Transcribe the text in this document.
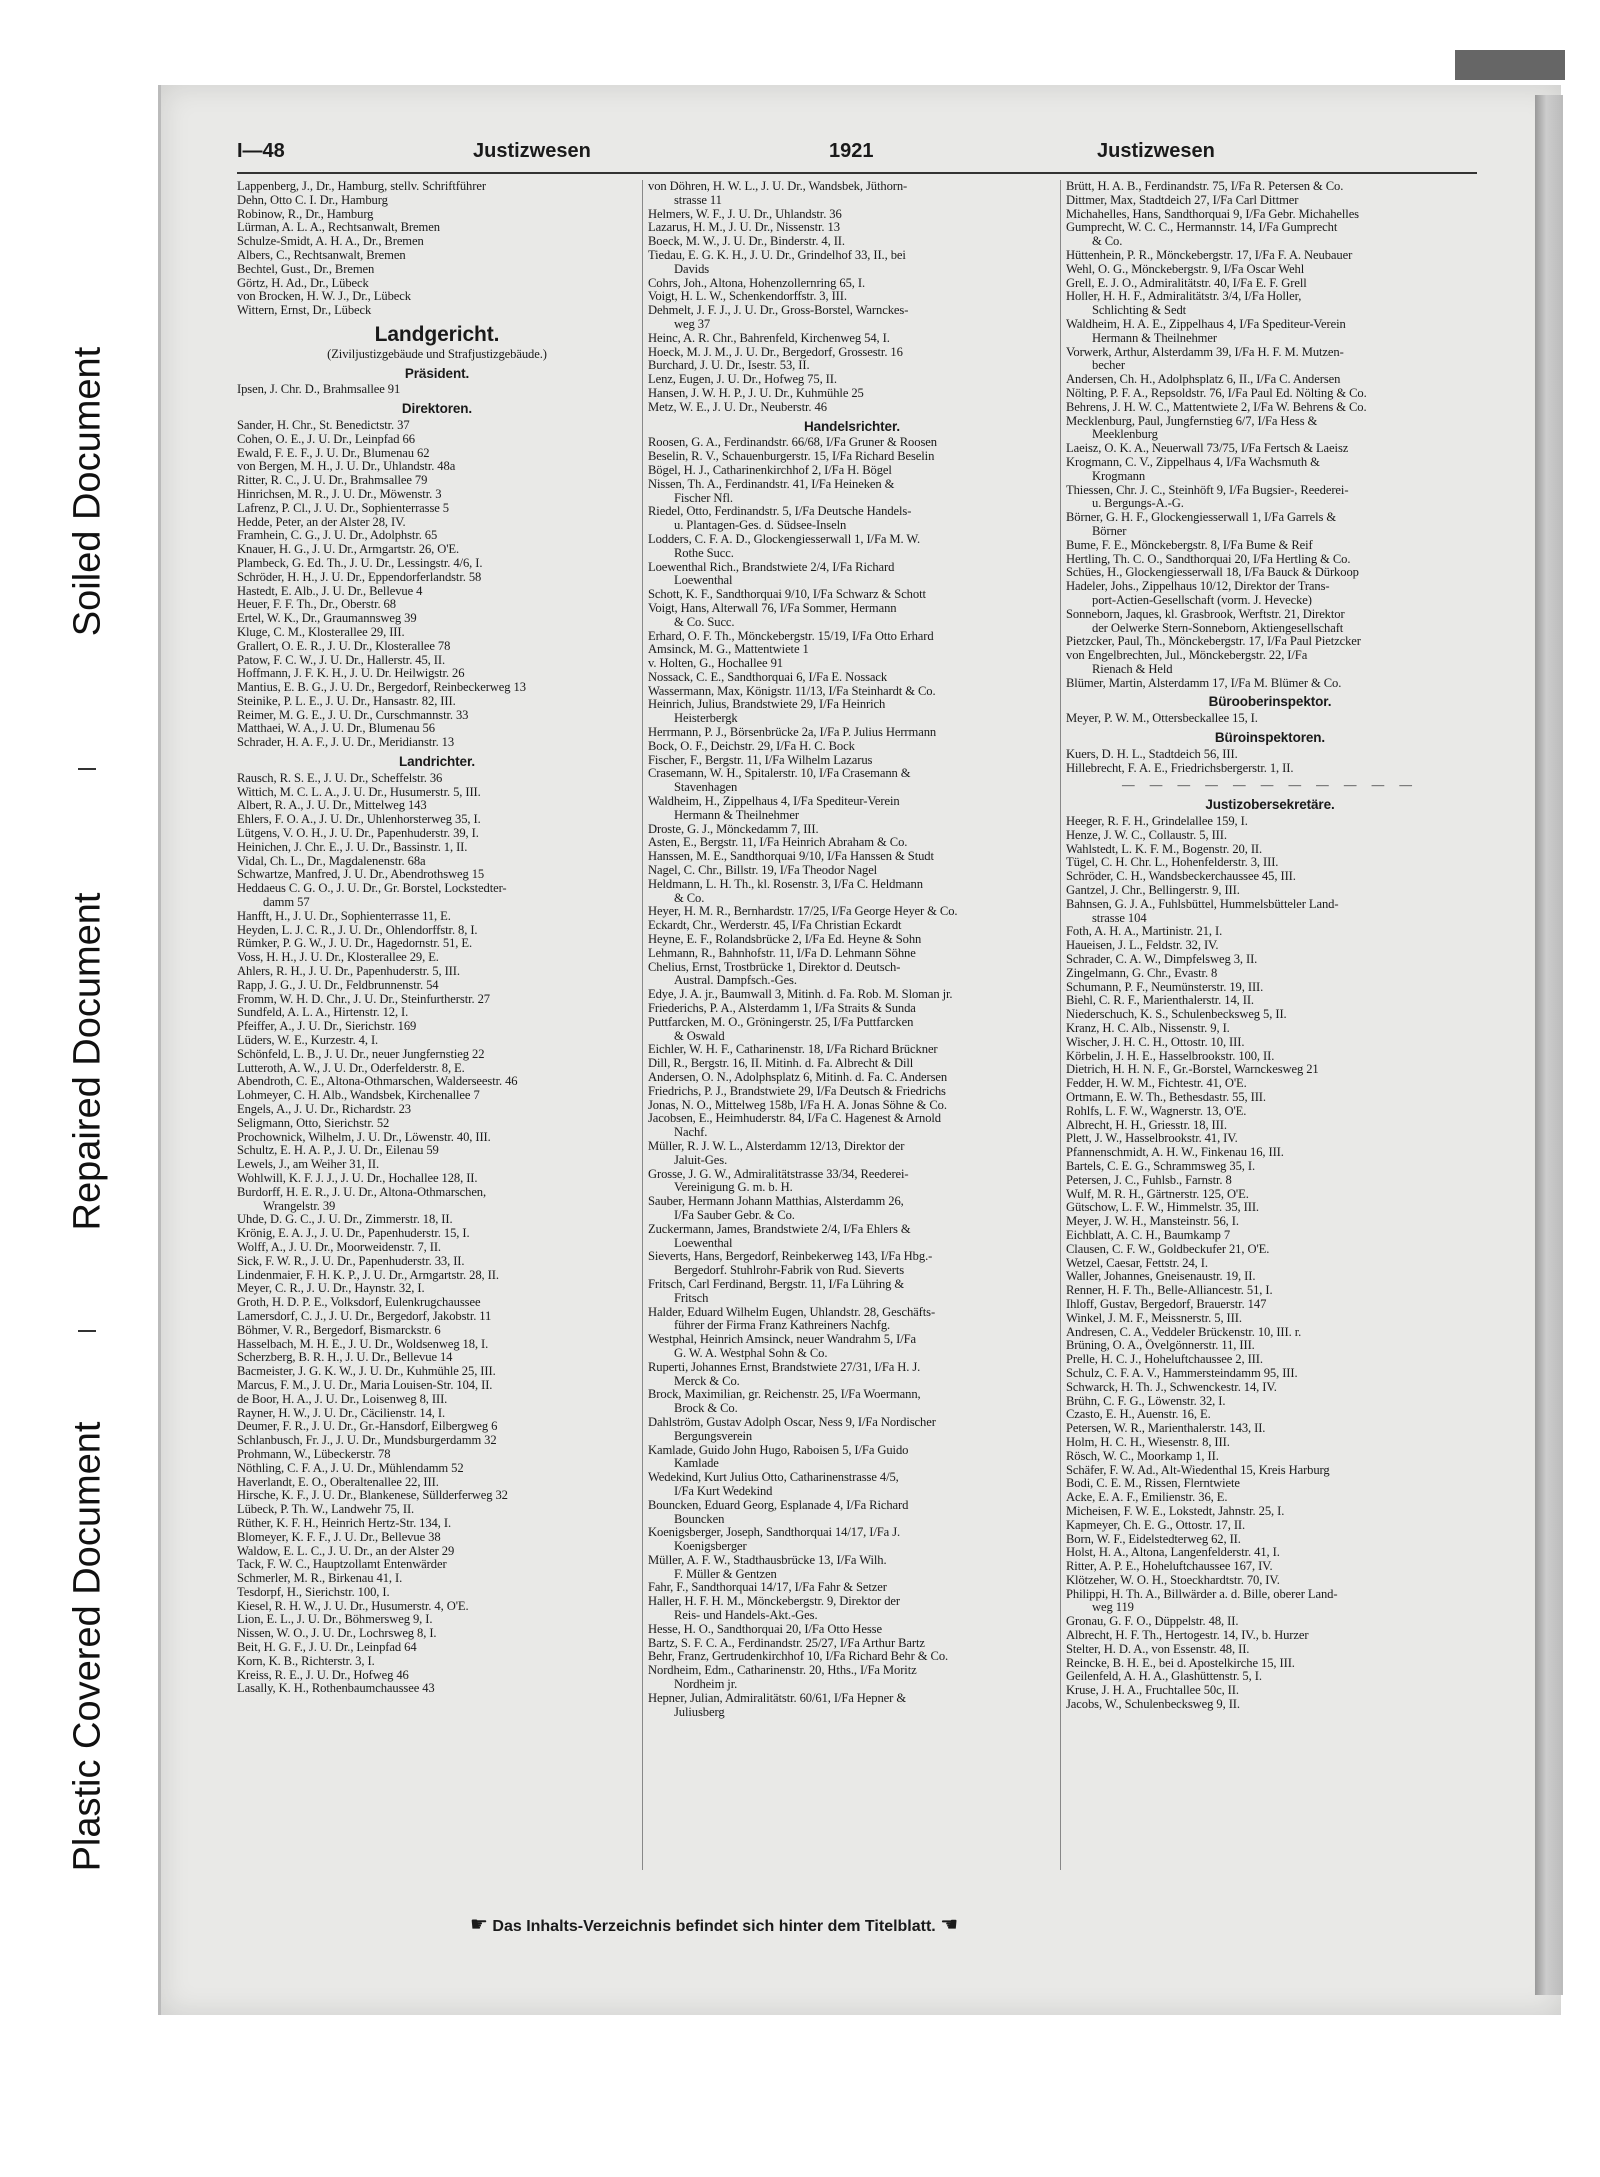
Soiled Document
Repaired Document
Plastic Covered Document
I—48	Justizwesen	1921	Justizwesen
Lappenberg, J., Dr., Hamburg, stellv. Schriftführer
Dehn, Otto C. I. Dr., Hamburg
Robinow, R., Dr., Hamburg
Lürman, A. L. A., Rechtsanwalt, Bremen
Schulze-Smidt, A. H. A., Dr., Bremen
Albers, C., Rechtsanwalt, Bremen
Bechtel, Gust., Dr., Bremen
Görtz, H. Ad., Dr., Lübeck
von Brocken, H. W. J., Dr., Lübeck
Wittern, Ernst, Dr., Lübeck
Landgericht.
(Ziviljustizgebäude und Strafjustizgebäude.)
Präsident.
Ipsen, J. Chr. D., Brahmsallee 91
Direktoren.
Sander, H. Chr., St. Benedictstr. 37
Cohen, O. E., J. U. Dr., Leinpfad 66
Ewald, F. E. F., J. U. Dr., Blumenau 62
von Bergen, M. H., J. U. Dr., Uhlandstr. 48a
Ritter, R. C., J. U. Dr., Brahmsallee 79
Hinrichsen, M. R., J. U. Dr., Möwenstr. 3
Lafrenz, P. Cl., J. U. Dr., Sophienterrasse 5
Hedde, Peter, an der Alster 28, IV.
Framhein, C. G., J. U. Dr., Adolphstr. 65
Knauer, H. G., J. U. Dr., Armgartstr. 26, O'E.
Plambeck, G. Ed. Th., J. U. Dr., Lessingstr. 4/6, I.
Schröder, H. H., J. U. Dr., Eppendorferlandstr. 58
Hastedt, E. Alb., J. U. Dr., Bellevue 4
Heuer, F. F. Th., Dr., Oberstr. 68
Ertel, W. K., Dr., Graumannsweg 39
Kluge, C. M., Klosterallee 29, III.
Grallert, O. E. R., J. U. Dr., Klosterallee 78
Patow, F. C. W., J. U. Dr., Hallerstr. 45, II.
Hoffmann, J. F. K. H., J. U. Dr. Heilwigstr. 26
Mantius, E. B. G., J. U. Dr., Bergedorf, Reinbeckerweg 13
Steinike, P. L. E., J. U. Dr., Hansastr. 82, III.
Reimer, M. G. E., J. U. Dr., Curschmannstr. 33
Matthaei, W. A., J. U. Dr., Blumenau 56
Schrader, H. A. F., J. U. Dr., Meridianstr. 13
Landrichter.
Rausch, R. S. E., J. U. Dr., Scheffelstr. 36
Wittich, M. C. L. A., J. U. Dr., Husumerstr. 5, III.
Albert, R. A., J. U. Dr., Mittelweg 143
Ehlers, F. O. A., J. U. Dr., Uhlenhorsterweg 35, I.
Lütgens, V. O. H., J. U. Dr., Papenhuderstr. 39, I.
Heinichen, J. Chr. E., J. U. Dr., Bassinstr. 1, II.
Vidal, Ch. L., Dr., Magdalenenstr. 68a
Schwartze, Manfred, J. U. Dr., Abendrothsweg 15
Heddaeus C. G. O., J. U. Dr., Gr. Borstel, Lockstedter-
damm 57
Hanfft, H., J. U. Dr., Sophienterrasse 11, E.
Heyden, L. J. C. R., J. U. Dr., Ohlendorffstr. 8, I.
Rümker, P. G. W., J. U. Dr., Hagedornstr. 51, E.
Voss, H. H., J. U. Dr., Klosterallee 29, E.
Ahlers, R. H., J. U. Dr., Papenhuderstr. 5, III.
Rapp, J. G., J. U. Dr., Feldbrunnenstr. 54
Fromm, W. H. D. Chr., J. U. Dr., Steinfurtherstr. 27
Sundfeld, A. L. A., Hirtenstr. 12, I.
Pfeiffer, A., J. U. Dr., Sierichstr. 169
Lüders, W. E., Kurzestr. 4, I.
Schönfeld, L. B., J. U. Dr., neuer Jungfernstieg 22
Lutteroth, A. W., J. U. Dr., Oderfelderstr. 8, E.
Abendroth, C. E., Altona-Othmarschen, Walderseestr. 46
Lohmeyer, C. H. Alb., Wandsbek, Kirchenallee 7
Engels, A., J. U. Dr., Richardstr. 23
Seligmann, Otto, Sierichstr. 52
Prochownick, Wilhelm, J. U. Dr., Löwenstr. 40, III.
Schultz, E. H. A. P., J. U. Dr., Eilenau 59
Lewels, J., am Weiher 31, II.
Wohlwill, K. F. J. J., J. U. Dr., Hochallee 128, II.
Burdorff, H. E. R., J. U. Dr., Altona-Othmarschen,
Wrangelstr. 39
Uhde, D. G. C., J. U. Dr., Zimmerstr. 18, II.
Krönig, E. A. J., J. U. Dr., Papenhuderstr. 15, I.
Wolff, A., J. U. Dr., Moorweidenstr. 7, II.
Sick, F. W. R., J. U. Dr., Papenhuderstr. 33, II.
Lindenmaier, F. H. K. P., J. U. Dr., Armgartstr. 28, II.
Meyer, C. R., J. U. Dr., Haynstr. 32, I.
Groth, H. D. P. E., Volksdorf, Eulenkrugchaussee
Lamersdorf, C. J., J. U. Dr., Bergedorf, Jakobstr. 11
Böhmer, V. R., Bergedorf, Bismarckstr. 6
Hasselbach, M. H. E., J. U. Dr., Woldsenweg 18, I.
Scherzberg, B. R. H., J. U. Dr., Bellevue 14
Bacmeister, J. G. K. W., J. U. Dr., Kuhmühle 25, III.
Marcus, F. M., J. U. Dr., Maria Louisen-Str. 104, II.
de Boor, H. A., J. U. Dr., Loisenweg 8, III.
Rayner, H. W., J. U. Dr., Cäcilienstr. 14, I.
Deumer, F. R., J. U. Dr., Gr.-Hansdorf, Eilbergweg 6
Schlanbusch, Fr. J., J. U. Dr., Mundsburgerdamm 32
Prohmann, W., Lübeckerstr. 78
Nöthling, C. F. A., J. U. Dr., Mühlendamm 52
Haverlandt, E. O., Oberaltenallee 22, III.
Hirsche, K. F., J. U. Dr., Blankenese, Süllderferweg 32
Lübeck, P. Th. W., Landwehr 75, II.
Rüther, K. F. H., Heinrich Hertz-Str. 134, I.
Blomeyer, K. F. F., J. U. Dr., Bellevue 38
Waldow, E. L. C., J. U. Dr., an der Alster 29
Tack, F. W. C., Hauptzollamt Entenwärder
Schmerler, M. R., Birkenau 41, I.
Tesdorpf, H., Sierichstr. 100, I.
Kiesel, R. H. W., J. U. Dr., Husumerstr. 4, O'E.
Lion, E. L., J. U. Dr., Böhmersweg 9, I.
Nissen, W. O., J. U. Dr., Lochrsweg 8, I.
Beit, H. G. F., J. U. Dr., Leinpfad 64
Korn, K. B., Richterstr. 3, I.
Kreiss, R. E., J. U. Dr., Hofweg 46
Lasally, K. H., Rothenbaumchaussee 43
von Döhren, H. W. L., J. U. Dr., Wandsbek, Jüthorn-
strasse 11
Helmers, W. F., J. U. Dr., Uhlandstr. 36
Lazarus, H. M., J. U. Dr., Nissenstr. 13
Boeck, M. W., J. U. Dr., Binderstr. 4, II.
Tiedau, E. G. K. H., J. U. Dr., Grindelhof 33, II., bei
Davids
Cohrs, Joh., Altona, Hohenzollernring 65, I.
Voigt, H. L. W., Schenkendorffstr. 3, III.
Dehmelt, J. F. J., J. U. Dr., Gross-Borstel, Warnckes-
weg 37
Heinc, A. R. Chr., Bahrenfeld, Kirchenweg 54, I.
Hoeck, M. J. M., J. U. Dr., Bergedorf, Grossestr. 16
Burchard, J. U. Dr., Isestr. 53, II.
Lenz, Eugen, J. U. Dr., Hofweg 75, II.
Hansen, J. W. H. P., J. U. Dr., Kuhmühle 25
Metz, W. E., J. U. Dr., Neuberstr. 46
Handelsrichter.
Roosen, G. A., Ferdinandstr. 66/68, I/Fa Gruner & Roosen
Beselin, R. V., Schauenburgerstr. 15, I/Fa Richard Beselin
Bögel, H. J., Catharinenkirchhof 2, I/Fa H. Bögel
Nissen, Th. A., Ferdinandstr. 41, I/Fa Heineken &
Fischer Nfl.
Riedel, Otto, Ferdinandstr. 5, I/Fa Deutsche Handels-
u. Plantagen-Ges. d. Südsee-Inseln
Lodders, C. F. A. D., Glockengiesserwall 1, I/Fa M. W.
Rothe Succ.
Loewenthal Rich., Brandstwiete 2/4, I/Fa Richard
Loewenthal
Schott, K. F., Sandthorquai 9/10, I/Fa Schwarz & Schott
Voigt, Hans, Alterwall 76, I/Fa Sommer, Hermann
& Co. Succ.
Erhard, O. F. Th., Mönckebergstr. 15/19, I/Fa Otto Erhard
Amsinck, M. G., Mattentwiete 1
v. Holten, G., Hochallee 91
Nossack, C. E., Sandthorquai 6, I/Fa E. Nossack
Wassermann, Max, Königstr. 11/13, I/Fa Steinhardt & Co.
Heinrich, Julius, Brandstwiete 29, I/Fa Heinrich
Heisterbergk
Herrmann, P. J., Börsenbrücke 2a, I/Fa P. Julius Herrmann
Bock, O. F., Deichstr. 29, I/Fa H. C. Bock
Fischer, F., Bergstr. 11, I/Fa Wilhelm Lazarus
Crasemann, W. H., Spitalerstr. 10, I/Fa Crasemann &
Stavenhagen
Waldheim, H., Zippelhaus 4, I/Fa Spediteur-Verein
Hermann & Theilnehmer
Droste, G. J., Mönckedamm 7, III.
Asten, E., Bergstr. 11, I/Fa Heinrich Abraham & Co.
Hanssen, M. E., Sandthorquai 9/10, I/Fa Hanssen & Studt
Nagel, C. Chr., Billstr. 19, I/Fa Theodor Nagel
Heldmann, L. H. Th., kl. Rosenstr. 3, I/Fa C. Heldmann
& Co.
Heyer, H. M. R., Bernhardstr. 17/25, I/Fa George Heyer & Co.
Eckardt, Chr., Werderstr. 45, I/Fa Christian Eckardt
Heyne, E. F., Rolandsbrücke 2, I/Fa Ed. Heyne & Sohn
Lehmann, R., Bahnhofstr. 11, I/Fa D. Lehmann Söhne
Chelius, Ernst, Trostbrücke 1, Direktor d. Deutsch-
Austral. Dampfsch.-Ges.
Edye, J. A. jr., Baumwall 3, Mitinh. d. Fa. Rob. M. Sloman jr.
Friederichs, P. A., Alsterdamm 1, I/Fa Straits & Sunda
Puttfarcken, M. O., Gröningerstr. 25, I/Fa Puttfarcken
& Oswald
Eichler, W. H. F., Catharinenstr. 18, I/Fa Richard Brückner
Dill, R., Bergstr. 16, II. Mitinh. d. Fa. Albrecht & Dill
Andersen, O. N., Adolphsplatz 6, Mitinh. d. Fa. C. Andersen
Friedrichs, P. J., Brandstwiete 29, I/Fa Deutsch & Friedrichs
Jonas, N. O., Mittelweg 158b, I/Fa H. A. Jonas Söhne & Co.
Jacobsen, E., Heimhuderstr. 84, I/Fa C. Hagenest & Arnold
Nachf.
Müller, R. J. W. L., Alsterdamm 12/13, Direktor der
Jaluit-Ges.
Grosse, J. G. W., Admiralitätstrasse 33/34, Reederei-
Vereinigung G. m. b. H.
Sauber, Hermann Johann Matthias, Alsterdamm 26,
I/Fa Sauber Gebr. & Co.
Zuckermann, James, Brandstwiete 2/4, I/Fa Ehlers &
Loewenthal
Sieverts, Hans, Bergedorf, Reinbekerweg 143, I/Fa Hbg.-
Bergedorf. Stuhlrohr-Fabrik von Rud. Sieverts
Fritsch, Carl Ferdinand, Bergstr. 11, I/Fa Lühring &
Fritsch
Halder, Eduard Wilhelm Eugen, Uhlandstr. 28, Geschäfts-
führer der Firma Franz Kathreiners Nachfg.
Westphal, Heinrich Amsinck, neuer Wandrahm 5, I/Fa
G. W. A. Westphal Sohn & Co.
Ruperti, Johannes Ernst, Brandstwiete 27/31, I/Fa H. J.
Merck & Co.
Brock, Maximilian, gr. Reichenstr. 25, I/Fa Woermann,
Brock & Co.
Dahlström, Gustav Adolph Oscar, Ness 9, I/Fa Nordischer
Bergungsverein
Kamlade, Guido John Hugo, Raboisen 5, I/Fa Guido
Kamlade
Wedekind, Kurt Julius Otto, Catharinenstrasse 4/5,
I/Fa Kurt Wedekind
Bouncken, Eduard Georg, Esplanade 4, I/Fa Richard
Bouncken
Koenigsberger, Joseph, Sandthorquai 14/17, I/Fa J.
Koenigsberger
Müller, A. F. W., Stadthausbrücke 13, I/Fa Wilh.
F. Müller & Gentzen
Fahr, F., Sandthorquai 14/17, I/Fa Fahr & Setzer
Haller, H. F. H. M., Mönckebergstr. 9, Direktor der
Reis- und Handels-Akt.-Ges.
Hesse, H. O., Sandthorquai 20, I/Fa Otto Hesse
Bartz, S. F. C. A., Ferdinandstr. 25/27, I/Fa Arthur Bartz
Behr, Franz, Gertrudenkirchhof 10, I/Fa Richard Behr & Co.
Nordheim, Edm., Catharinenstr. 20, Hths., I/Fa Moritz
Nordheim jr.
Hepner, Julian, Admiralitätstr. 60/61, I/Fa Hepner &
Juliusberg
Brütt, H. A. B., Ferdinandstr. 75, I/Fa R. Petersen & Co.
Dittmer, Max, Stadtdeich 27, I/Fa Carl Dittmer
Michahelles, Hans, Sandthorquai 9, I/Fa Gebr. Michahelles
Gumprecht, W. C. C., Hermannstr. 14, I/Fa Gumprecht
& Co.
Hüttenhein, P. R., Mönckebergstr. 17, I/Fa F. A. Neubauer
Wehl, O. G., Mönckebergstr. 9, I/Fa Oscar Wehl
Grell, E. J. O., Admiralitätstr. 40, I/Fa E. F. Grell
Holler, H. H. F., Admiralitätstr. 3/4, I/Fa Holler,
Schlichting & Sedt
Waldheim, H. A. E., Zippelhaus 4, I/Fa Spediteur-Verein
Hermann & Theilnehmer
Vorwerk, Arthur, Alsterdamm 39, I/Fa H. F. M. Mutzen-
becher
Andersen, Ch. H., Adolphsplatz 6, II., I/Fa C. Andersen
Nölting, P. F. A., Repsoldstr. 76, I/Fa Paul Ed. Nölting & Co.
Behrens, J. H. W. C., Mattentwiete 2, I/Fa W. Behrens & Co.
Mecklenburg, Paul, Jungfernstieg 6/7, I/Fa Hess &
Meeklenburg
Laeisz, O. K. A., Neuerwall 73/75, I/Fa Fertsch & Laeisz
Krogmann, C. V., Zippelhaus 4, I/Fa Wachsmuth &
Krogmann
Thiessen, Chr. J. C., Steinhöft 9, I/Fa Bugsier-, Reederei-
u. Bergungs-A.-G.
Börner, G. H. F., Glockengiesserwall 1, I/Fa Garrels &
Börner
Bume, F. E., Mönckebergstr. 8, I/Fa Bume & Reif
Hertling, Th. C. O., Sandthorquai 20, I/Fa Hertling & Co.
Schües, H., Glockengiesserwall 18, I/Fa Bauck & Dürkoop
Hadeler, Johs., Zippelhaus 10/12, Direktor der Trans-
port-Actien-Gesellschaft (vorm. J. Hevecke)
Sonneborn, Jaques, kl. Grasbrook, Werftstr. 21, Direktor
der Oelwerke Stern-Sonneborn, Aktiengesellschaft
Pietzcker, Paul, Th., Mönckebergstr. 17, I/Fa Paul Pietzcker
von Engelbrechten, Jul., Mönckebergstr. 22, I/Fa
Rienach & Held
Blümer, Martin, Alsterdamm 17, I/Fa M. Blümer & Co.
Bürooberinspektor.
Meyer, P. W. M., Ottersbeckallee 15, I.
Büroinspektoren.
Kuers, D. H. L., Stadtdeich 56, III.
Hillebrecht, F. A. E., Friedrichsbergerstr. 1, II.
— — — — — — — — — — —
Justizobersekretäre.
Heeger, R. F. H., Grindelallee 159, I.
Henze, J. W. C., Collaustr. 5, III.
Wahlstedt, L. K. F. M., Bogenstr. 20, II.
Tügel, C. H. Chr. L., Hohenfelderstr. 3, III.
Schröder, C. H., Wandsbeckerchaussee 45, III.
Gantzel, J. Chr., Bellingerstr. 9, III.
Bahnsen, G. J. A., Fuhlsbüttel, Hummelsbütteler Land-
strasse 104
Foth, A. H. A., Martinistr. 21, I.
Haueisen, J. L., Feldstr. 32, IV.
Schrader, C. A. W., Dimpfelsweg 3, II.
Zingelmann, G. Chr., Evastr. 8
Schumann, P. F., Neumünsterstr. 19, III.
Biehl, C. R. F., Marienthalerstr. 14, II.
Niederschuch, K. S., Schulenbecksweg 5, II.
Kranz, H. C. Alb., Nissenstr. 9, I.
Wischer, J. H. C. H., Ottostr. 10, III.
Körbelin, J. H. E., Hasselbrookstr. 100, II.
Dietrich, H. H. N. F., Gr.-Borstel, Warnckesweg 21
Fedder, H. W. M., Fichtestr. 41, O'E.
Ortmann, E. W. Th., Bethesdastr. 55, III.
Rohlfs, L. F. W., Wagnerstr. 13, O'E.
Albrecht, H. H., Griesstr. 18, III.
Plett, J. W., Hasselbrookstr. 41, IV.
Pfannenschmidt, A. H. W., Finkenau 16, III.
Bartels, C. E. G., Schrammsweg 35, I.
Petersen, J. C., Fuhlsb., Farnstr. 8
Wulf, M. R. H., Gärtnerstr. 125, O'E.
Gütschow, L. F. W., Himmelstr. 35, III.
Meyer, J. W. H., Mansteinstr. 56, I.
Eichblatt, A. C. H., Baumkamp 7
Clausen, C. F. W., Goldbeckufer 21, O'E.
Wetzel, Caesar, Fettstr. 24, I.
Waller, Johannes, Gneisenaustr. 19, II.
Renner, H. F. Th., Belle-Alliancestr. 51, I.
Ihloff, Gustav, Bergedorf, Brauerstr. 147
Winkel, J. M. F., Meissnerstr. 5, III.
Andresen, C. A., Veddeler Brückenstr. 10, III. r.
Brüning, O. A., Övelgönnerstr. 11, III.
Prelle, H. C. J., Hoheluftchaussee 2, III.
Schulz, C. F. A. V., Hammersteindamm 95, III.
Schwarck, H. Th. J., Schwenckestr. 14, IV.
Brühn, C. F. G., Löwenstr. 32, I.
Czasto, E. H., Auenstr. 16, E.
Petersen, W. R., Marienthalerstr. 143, II.
Holm, H. C. H., Wiesenstr. 8, III.
Rösch, W. C., Moorkamp 1, II.
Schäfer, F. W. Ad., Alt-Wiedenthal 15, Kreis Harburg
Bodi, C. E. M., Rissen, Flerntwiete
Acke, E. A. F., Emilienstr. 36, E.
Micheisen, F. W. E., Lokstedt, Jahnstr. 25, I.
Kapmeyer, Ch. E. G., Ottostr. 17, II.
Born, W. F., Eidelstedterweg 62, II.
Holst, H. A., Altona, Langenfelderstr. 41, I.
Ritter, A. P. E., Hoheluftchaussee 167, IV.
Klötzeher, W. O. H., Stoeckhardtstr. 70, IV.
Philippi, H. Th. A., Billwärder a. d. Bille, oberer Land-
weg 119
Gronau, G. F. O., Düppelstr. 48, II.
Albrecht, H. F. Th., Hertogestr. 14, IV., b. Hurzer
Stelter, H. D. A., von Essenstr. 48, II.
Reincke, B. H. E., bei d. Apostelkirche 15, III.
Geilenfeld, A. H. A., Glashüttenstr. 5, I.
Kruse, J. H. A., Fruchtallee 50c, II.
Jacobs, W., Schulenbecksweg 9, II.
☛ Das Inhalts-Verzeichnis befindet sich hinter dem Titelblatt. ☚
